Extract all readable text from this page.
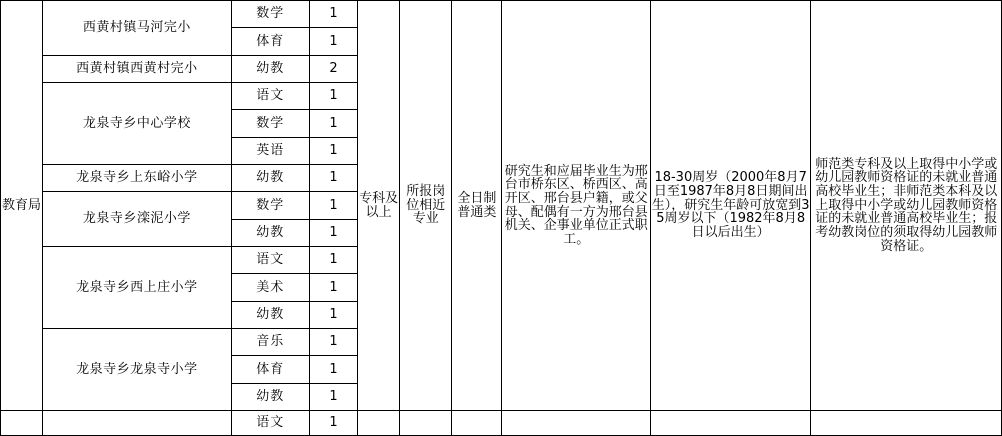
教育局	西黄村镇马河完小	数学	1	专科及以上	所报岗位相近专业	全日制普通类	研究生和应届毕业生为邢台市桥东区、桥西区、高开区、邢台县户籍，或父母、配偶有一方为邢台县机关、企事业单位正式职工。	18-30周岁（2000年8月7日至1987年8月8日期间出生），研究生年龄可放宽到35周岁以下（1982年8月8日以后出生）	师范类专科及以上取得中小学或幼儿园教师资格证的未就业普通高校毕业生；非师范类本科及以上取得中小学或幼儿园教师资格证的未就业普通高校毕业生；报考幼教岗位的须取得幼儿园教师资格证。
		体育	1						
	西黄村镇西黄村完小	幼教	2						
	龙泉寺乡中心学校	语文	1						
		数学	1						
		英语	1						
	龙泉寺乡上东峪小学	幼教	1						
	龙泉寺乡滦泥小学	数学	1						
		幼教	1						
	龙泉寺乡西上庄小学	语文	1						
		美术	1						
		幼教	1						
	龙泉寺乡龙泉寺小学	音乐	1						
		体育	1						
		幼教	1						
		语文	1						
